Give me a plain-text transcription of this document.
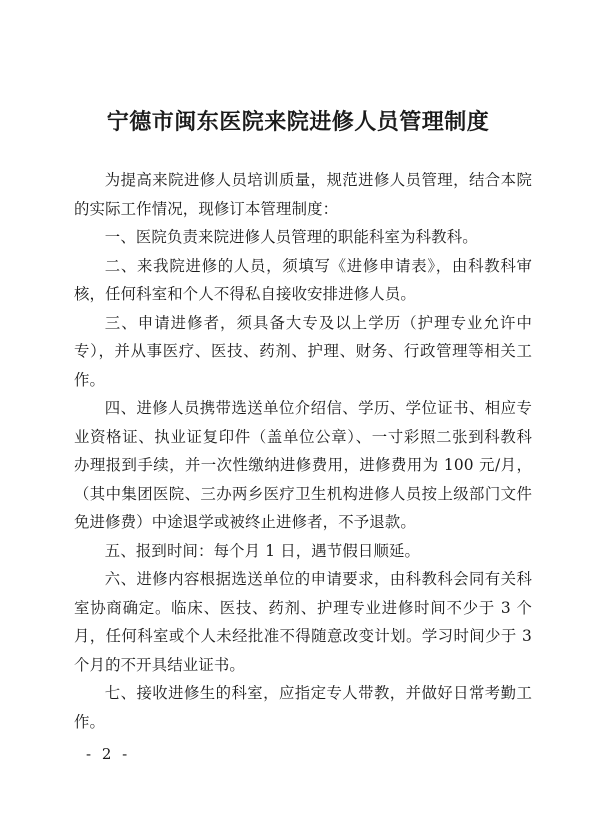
宁德市闽东医院来院进修人员管理制度

为提高来院进修人员培训质量，规范进修人员管理，结合本院的实际工作情况，现修订本管理制度：

一、医院负责来院进修人员管理的职能科室为科教科。

二、来我院进修的人员，须填写《进修申请表》，由科教科审核，任何科室和个人不得私自接收安排进修人员。

三、申请进修者，须具备大专及以上学历（护理专业允许中专），并从事医疗、医技、药剂、护理、财务、行政管理等相关工作。

四、进修人员携带选送单位介绍信、学历、学位证书、相应专业资格证、执业证复印件（盖单位公章）、一寸彩照二张到科教科办理报到手续，并一次性缴纳进修费用，进修费用为 100 元/月，（其中集团医院、三办两乡医疗卫生机构进修人员按上级部门文件免进修费）中途退学或被终止进修者，不予退款。

五、报到时间：每个月 1 日，遇节假日顺延。

六、进修内容根据选送单位的申请要求，由科教科会同有关科室协商确定。临床、医技、药剂、护理专业进修时间不少于 3 个月，任何科室或个人未经批准不得随意改变计划。学习时间少于 3 个月的不开具结业证书。

七、接收进修生的科室，应指定专人带教，并做好日常考勤工作。

- 2 -
